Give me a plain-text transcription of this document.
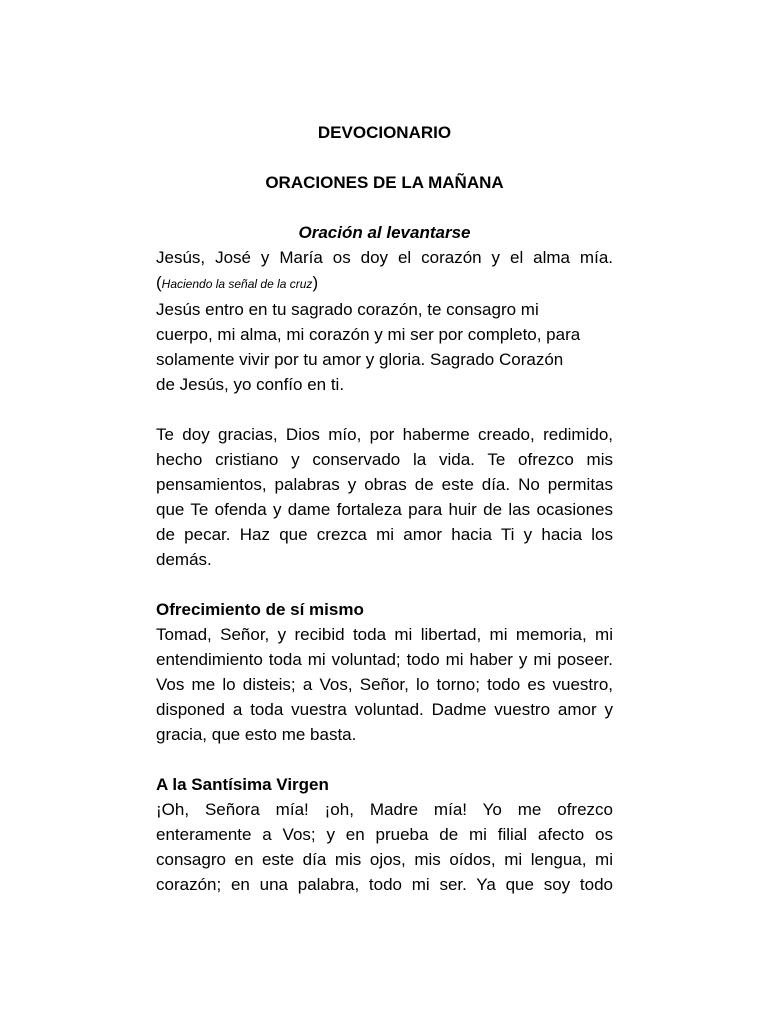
DEVOCIONARIO
ORACIONES DE LA MAÑANA
Oración al levantarse

Jesús, José y María os doy el corazón y el alma mía.

(Haciendo la señal de la cruz)

Jesús entro en tu sagrado corazón, te consagro mi cuerpo, mi alma, mi corazón y mi ser por completo, para solamente vivir por tu amor y gloria. Sagrado Corazón de Jesús, yo confío en ti.

Te doy gracias, Dios mío, por haberme creado, redimido, hecho cristiano y conservado la vida. Te ofrezco mis pensamientos, palabras y obras de este día. No permitas que Te ofenda y dame fortaleza para huir de las ocasiones de pecar. Haz que crezca mi amor hacia Ti y hacia los demás.

Ofrecimiento de sí mismo

Tomad, Señor, y recibid toda mi libertad, mi memoria, mi entendimiento toda mi voluntad; todo mi haber y mi poseer. Vos me lo disteis; a Vos, Señor, lo torno; todo es vuestro, disponed a toda vuestra voluntad. Dadme vuestro amor y gracia, que esto me basta.

A la Santísima Virgen

¡Oh, Señora mía! ¡oh, Madre mía! Yo me ofrezco enteramente a Vos; y en prueba de mi filial afecto os consagro en este día mis ojos, mis oídos, mi lengua, mi corazón; en una palabra, todo mi ser. Ya que soy todo
